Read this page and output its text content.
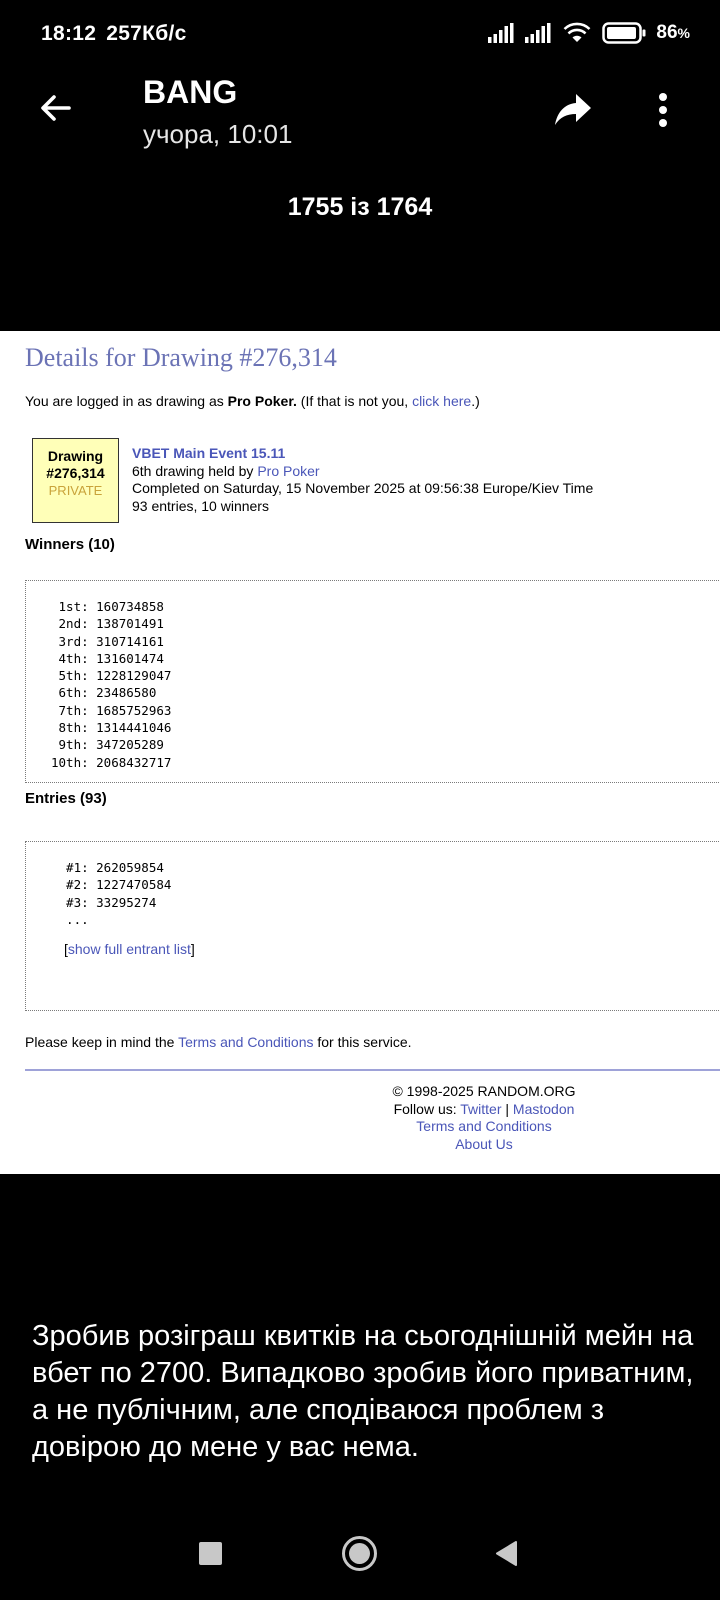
18:12 257Кб/с	86%
BANG
учора, 10:01
1755 із 1764
Details for Drawing #276,314
You are logged in as drawing as Pro Poker. (If that is not you, click here.)
Drawing
#276,314
PRIVATE
VBET Main Event 15.11
6th drawing held by Pro Poker
Completed on Saturday, 15 November 2025 at 09:56:38 Europe/Kiev Time
93 entries, 10 winners
Winners (10)
1st: 160734858
2nd: 138701491
3rd: 310714161
4th: 131601474
5th: 1228129047
6th: 23486580
7th: 1685752963
8th: 1314441046
9th: 347205289
10th: 2068432717
Entries (93)
#1: 262059854
#2: 1227470584
#3: 33295274
...
[show full entrant list]
Please keep in mind the Terms and Conditions for this service.
© 1998-2025 RANDOM.ORG
Follow us: Twitter | Mastodon
Terms and Conditions
About Us
Зробив розіграш квитків на сьогоднішній мейн на вбет по 2700. Випадково зробив його приватним, а не публічним, але сподіваюся проблем з довірою до мене у вас нема.
